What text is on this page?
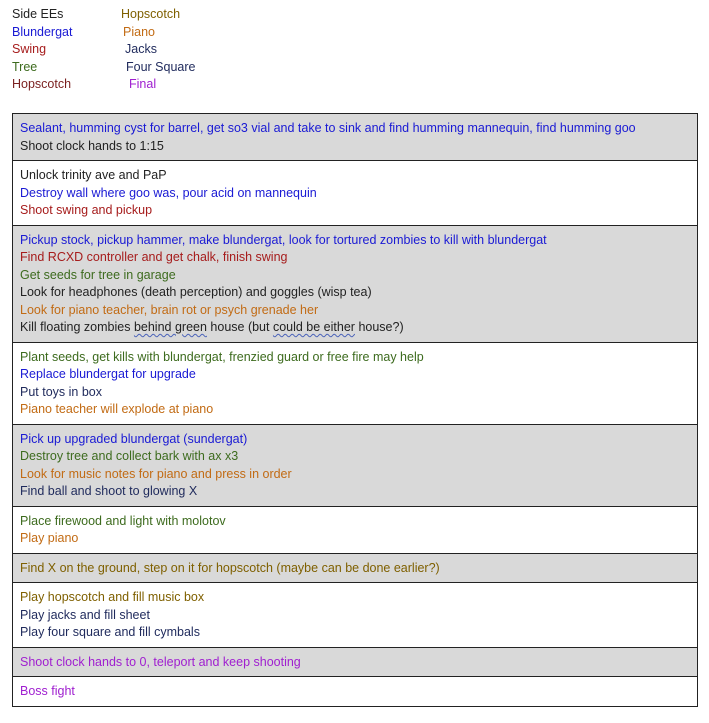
Side EEs	Hopscotch
Blundergat	Piano
Swing	Jacks
Tree	Four Square
Hopscotch	Final
Sealant, humming cyst for barrel, get so3 vial and take to sink and find humming mannequin, find humming goo
Shoot clock hands to 1:15

Unlock trinity ave and PaP
Destroy wall where goo was, pour acid on mannequin
Shoot swing and pickup

Pickup stock, pickup hammer, make blundergat, look for tortured zombies to kill with blundergat
Find RCXD controller and get chalk, finish swing
Get seeds for tree in garage
Look for headphones (death perception) and goggles (wisp tea)
Look for piano teacher, brain rot or psych grenade her
Kill floating zombies behind green house (but could be either house?)

Plant seeds, get kills with blundergat, frenzied guard or free fire may help
Replace blundergat for upgrade
Put toys in box
Piano teacher will explode at piano

Pick up upgraded blundergat (sundergat)
Destroy tree and collect bark with ax x3
Look for music notes for piano and press in order
Find ball and shoot to glowing X

Place firewood and light with molotov
Play piano

Find X on the ground, step on it for hopscotch (maybe can be done earlier?)

Play hopscotch and fill music box
Play jacks and fill sheet
Play four square and fill cymbals

Shoot clock hands to 0, teleport and keep shooting

Boss fight
